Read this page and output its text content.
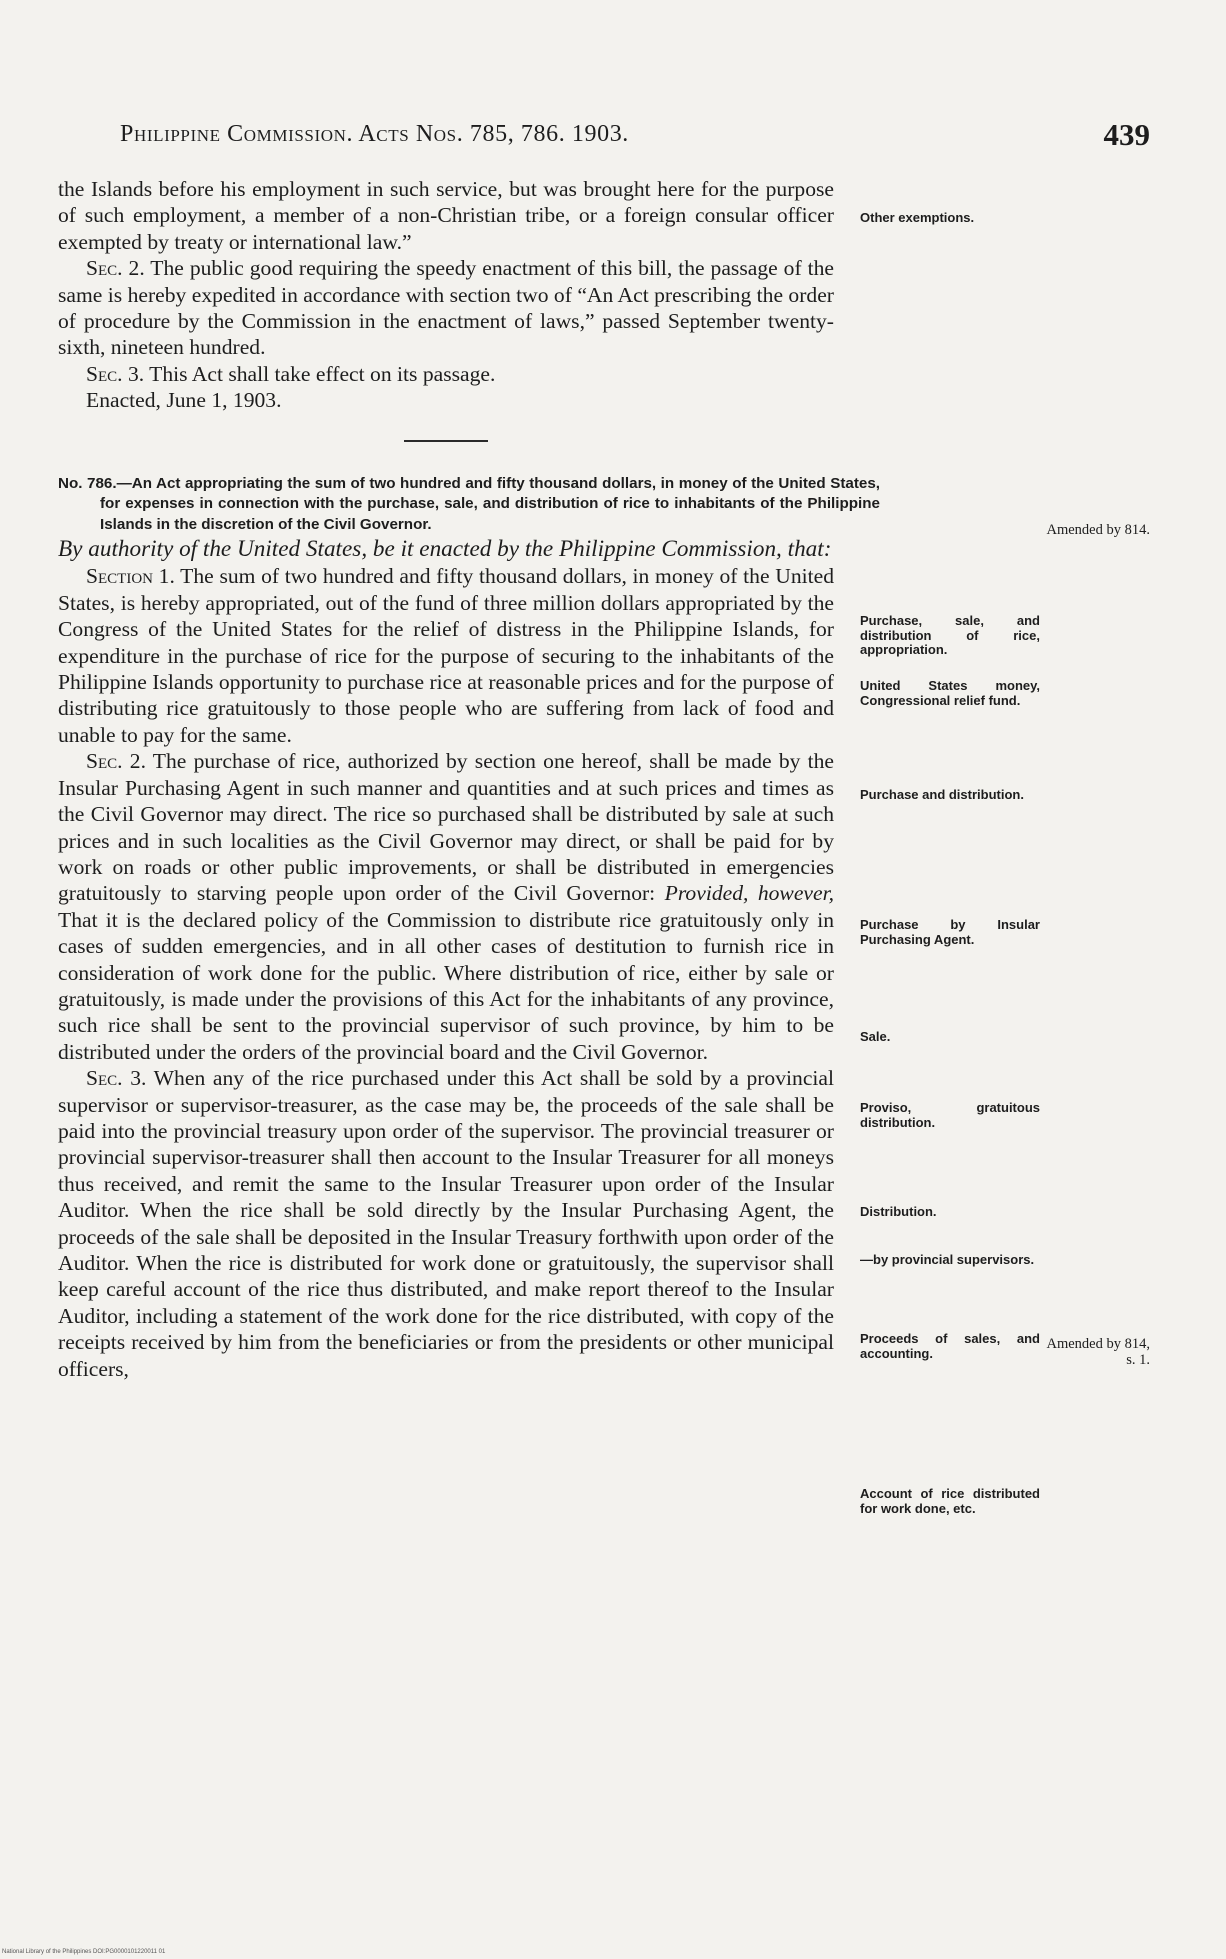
Philippine Commission. Acts Nos. 785, 786. 1903.	439

the Islands before his employment in such service, but was brought here for the purpose of such employment, a member of a non-Christian tribe, or a foreign consular officer exempted by treaty or international law.”

Sec. 2. The public good requiring the speedy enactment of this bill, the passage of the same is hereby expedited in accordance with section two of “An Act prescribing the order of procedure by the Commission in the enactment of laws,” passed September twenty-sixth, nineteen hundred.

Sec. 3. This Act shall take effect on its passage.

Enacted, June 1, 1903.

No. 786.—An Act appropriating the sum of two hundred and fifty thousand dollars, in money of the United States, for expenses in connection with the purchase, sale, and distribution of rice to inhabitants of the Philippine Islands in the discretion of the Civil Governor.

By authority of the United States, be it enacted by the Philippine Commission, that:

Section 1. The sum of two hundred and fifty thousand dollars, in money of the United States, is hereby appropriated, out of the fund of three million dollars appropriated by the Congress of the United States for the relief of distress in the Philippine Islands, for expenditure in the purchase of rice for the purpose of securing to the inhabitants of the Philippine Islands opportunity to purchase rice at reasonable prices and for the purpose of distributing rice gratuitously to those people who are suffering from lack of food and unable to pay for the same.

Sec. 2. The purchase of rice, authorized by section one hereof, shall be made by the Insular Purchasing Agent in such manner and quantities and at such prices and times as the Civil Governor may direct. The rice so purchased shall be distributed by sale at such prices and in such localities as the Civil Governor may direct, or shall be paid for by work on roads or other public improvements, or shall be distributed in emergencies gratuitously to starving people upon order of the Civil Governor: Provided, however, That it is the declared policy of the Commission to distribute rice gratuitously only in cases of sudden emergencies, and in all other cases of destitution to furnish rice in consideration of work done for the public. Where distribution of rice, either by sale or gratuitously, is made under the provisions of this Act for the inhabitants of any province, such rice shall be sent to the provincial supervisor of such province, by him to be distributed under the orders of the provincial board and the Civil Governor.

Sec. 3. When any of the rice purchased under this Act shall be sold by a provincial supervisor or supervisor-treasurer, as the case may be, the proceeds of the sale shall be paid into the provincial treasury upon order of the supervisor. The provincial treasurer or provincial supervisor-treasurer shall then account to the Insular Treasurer for all moneys thus received, and remit the same to the Insular Treasurer upon order of the Insular Auditor. When the rice shall be sold directly by the Insular Purchasing Agent, the proceeds of the sale shall be deposited in the Insular Treasury forthwith upon order of the Auditor. When the rice is distributed for work done or gratuitously, the supervisor shall keep careful account of the rice thus distributed, and make report thereof to the Insular Auditor, including a statement of the work done for the rice distributed, with copy of the receipts received by him from the beneficiaries or from the presidents or other municipal officers,

Other exemptions.
Purchase, sale, and distribution of rice, appropriation.
United States money, Congressional relief fund.
Purchase and distribution.
Purchase by Insular Purchasing Agent.
Sale.
Proviso, gratuitous distribution.
Distribution.
—by provincial supervisors.
Proceeds of sales, and accounting.
Account of rice distributed for work done, etc.
Amended by 814.
Amended by 814, s. 1.
National Library of the Philippines DOI:PG0000101220011 01
